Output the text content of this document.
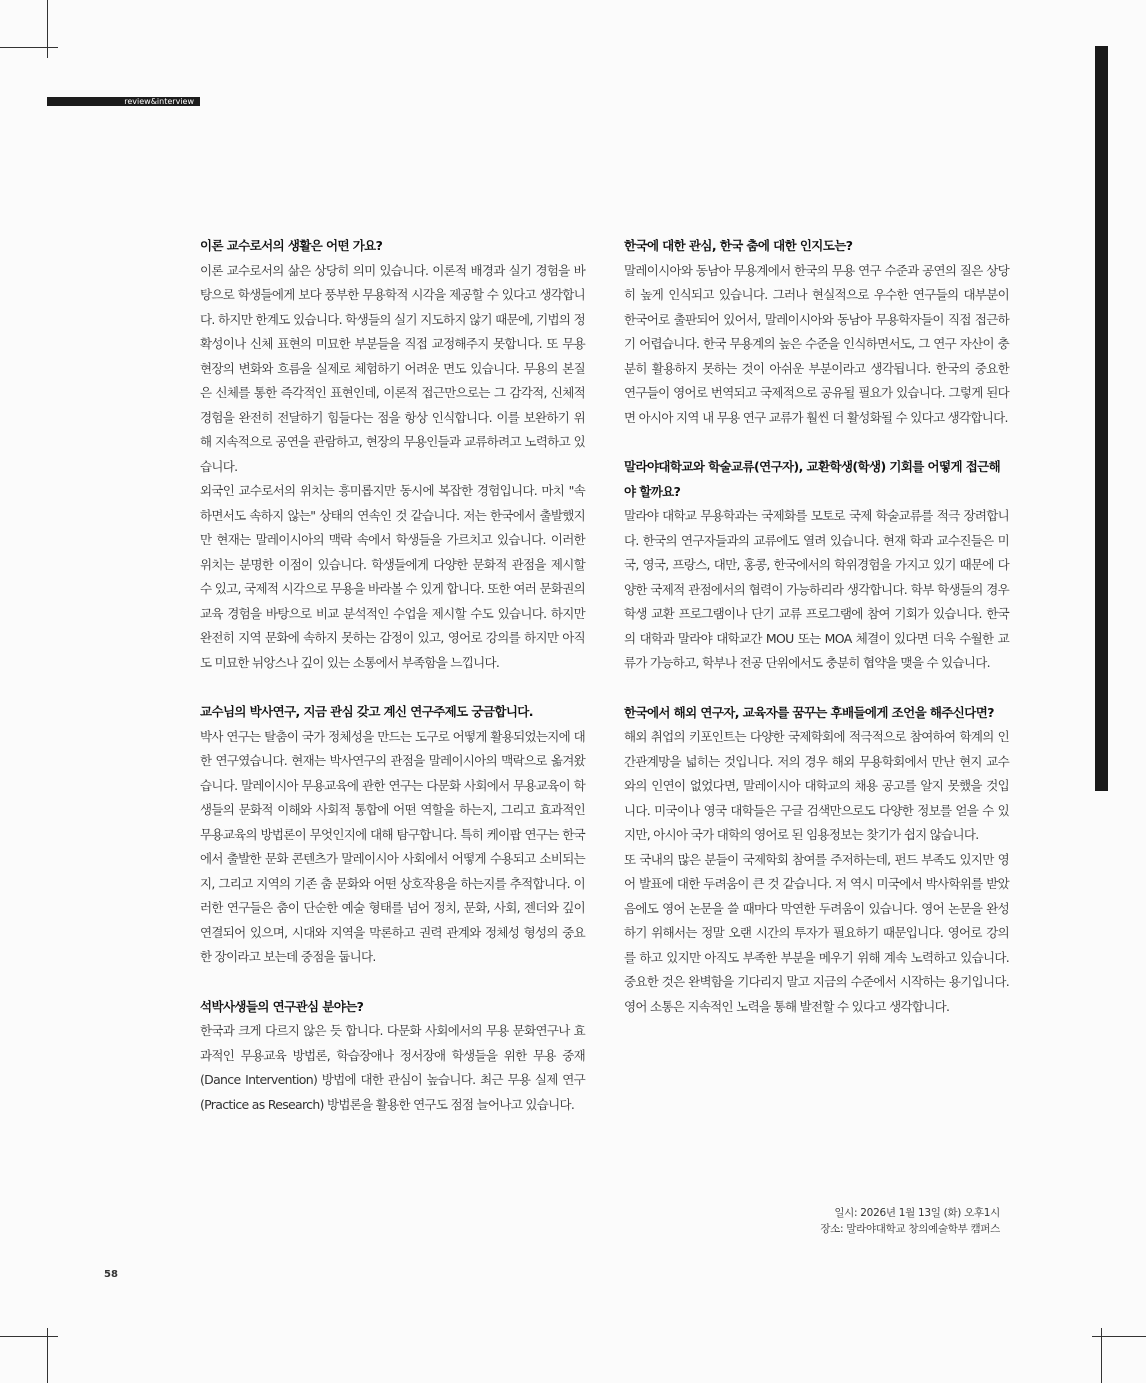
review&interview

이론 교수로서의 생활은 어떤 가요?

이론 교수로서의 삶은 상당히 의미 있습니다. 이론적 배경과 실기 경험을 바탕으로 학생들에게 보다 풍부한 무용학적 시각을 제공할 수 있다고 생각합니다. 하지만 한계도 있습니다. 학생들의 실기 지도하지 않기 때문에, 기법의 정확성이나 신체 표현의 미묘한 부분들을 직접 교정해주지 못합니다. 또 무용 현장의 변화와 흐름을 실제로 체험하기 어려운 면도 있습니다. 무용의 본질은 신체를 통한 즉각적인 표현인데, 이론적 접근만으로는 그 감각적, 신체적 경험을 완전히 전달하기 힘들다는 점을 항상 인식합니다. 이를 보완하기 위해 지속적으로 공연을 관람하고, 현장의 무용인들과 교류하려고 노력하고 있습니다.

외국인 교수로서의 위치는 흥미롭지만 동시에 복잡한 경험입니다. 마치 "속하면서도 속하지 않는" 상태의 연속인 것 같습니다. 저는 한국에서 출발했지만 현재는 말레이시아의 맥락 속에서 학생들을 가르치고 있습니다. 이러한 위치는 분명한 이점이 있습니다. 학생들에게 다양한 문화적 관점을 제시할 수 있고, 국제적 시각으로 무용을 바라볼 수 있게 합니다. 또한 여러 문화권의 교육 경험을 바탕으로 비교 분석적인 수업을 제시할 수도 있습니다. 하지만 완전히 지역 문화에 속하지 못하는 감정이 있고, 영어로 강의를 하지만 아직도 미묘한 뉘앙스나 깊이 있는 소통에서 부족함을 느낍니다.

교수님의 박사연구, 지금 관심 갖고 계신 연구주제도 궁금합니다.

박사 연구는 탈춤이 국가 정체성을 만드는 도구로 어떻게 활용되었는지에 대한 연구였습니다. 현재는 박사연구의 관점을 말레이시아의 맥락으로 옮겨왔습니다. 말레이시아 무용교육에 관한 연구는 다문화 사회에서 무용교육이 학생들의 문화적 이해와 사회적 통합에 어떤 역할을 하는지, 그리고 효과적인 무용교육의 방법론이 무엇인지에 대해 탐구합니다. 특히 케이팝 연구는 한국에서 출발한 문화 콘텐츠가 말레이시아 사회에서 어떻게 수용되고 소비되는지, 그리고 지역의 기존 춤 문화와 어떤 상호작용을 하는지를 추적합니다. 이러한 연구들은 춤이 단순한 예술 형태를 넘어 정치, 문화, 사회, 젠더와 깊이 연결되어 있으며, 시대와 지역을 막론하고 권력 관계와 정체성 형성의 중요한 장이라고 보는데 중점을 둡니다.

석박사생들의 연구관심 분야는?

한국과 크게 다르지 않은 듯 합니다. 다문화 사회에서의 무용 문화연구나 효과적인 무용교육 방법론, 학습장애나 정서장애 학생들을 위한 무용 중재(Dance Intervention) 방법에 대한 관심이 높습니다. 최근 무용 실제 연구(Practice as Research) 방법론을 활용한 연구도 점점 늘어나고 있습니다.

한국에 대한 관심, 한국 춤에 대한 인지도는?

말레이시아와 동남아 무용계에서 한국의 무용 연구 수준과 공연의 질은 상당히 높게 인식되고 있습니다. 그러나 현실적으로 우수한 연구들의 대부분이 한국어로 출판되어 있어서, 말레이시아와 동남아 무용학자들이 직접 접근하기 어렵습니다. 한국 무용계의 높은 수준을 인식하면서도, 그 연구 자산이 충분히 활용하지 못하는 것이 아쉬운 부분이라고 생각됩니다. 한국의 중요한 연구들이 영어로 번역되고 국제적으로 공유될 필요가 있습니다. 그렇게 된다면 아시아 지역 내 무용 연구 교류가 훨씬 더 활성화될 수 있다고 생각합니다.

말라야대학교와 학술교류(연구자), 교환학생(학생) 기회를 어떻게 접근해야 할까요?

말라야 대학교 무용학과는 국제화를 모토로 국제 학술교류를 적극 장려합니다. 한국의 연구자들과의 교류에도 열려 있습니다. 현재 학과 교수진들은 미국, 영국, 프랑스, 대만, 홍콩, 한국에서의 학위경험을 가지고 있기 때문에 다양한 국제적 관점에서의 협력이 가능하리라 생각합니다. 학부 학생들의 경우 학생 교환 프로그램이나 단기 교류 프로그램에 참여 기회가 있습니다. 한국의 대학과 말라야 대학교간 MOU 또는 MOA 체결이 있다면 더욱 수월한 교류가 가능하고, 학부나 전공 단위에서도 충분히 협약을 맺을 수 있습니다.

한국에서 해외 연구자, 교육자를 꿈꾸는 후배들에게 조언을 해주신다면?

해외 취업의 키포인트는 다양한 국제학회에 적극적으로 참여하여 학계의 인간관계망을 넓히는 것입니다. 저의 경우 해외 무용학회에서 만난 현지 교수와의 인연이 없었다면, 말레이시아 대학교의 채용 공고를 알지 못했을 것입니다. 미국이나 영국 대학들은 구글 검색만으로도 다양한 정보를 얻을 수 있지만, 아시아 국가 대학의 영어로 된 임용정보는 찾기가 쉽지 않습니다.

또 국내의 많은 분들이 국제학회 참여를 주저하는데, 펀드 부족도 있지만 영어 발표에 대한 두려움이 큰 것 같습니다. 저 역시 미국에서 박사학위를 받았음에도 영어 논문을 쓸 때마다 막연한 두려움이 있습니다. 영어 논문을 완성하기 위해서는 정말 오랜 시간의 투자가 필요하기 때문입니다. 영어로 강의를 하고 있지만 아직도 부족한 부분을 메우기 위해 계속 노력하고 있습니다. 중요한 것은 완벽함을 기다리지 말고 지금의 수준에서 시작하는 용기입니다. 영어 소통은 지속적인 노력을 통해 발전할 수 있다고 생각합니다.

일시: 2026년 1월 13일 (화) 오후1시
장소: 말라야대학교 창의예술학부 캠퍼스
58
